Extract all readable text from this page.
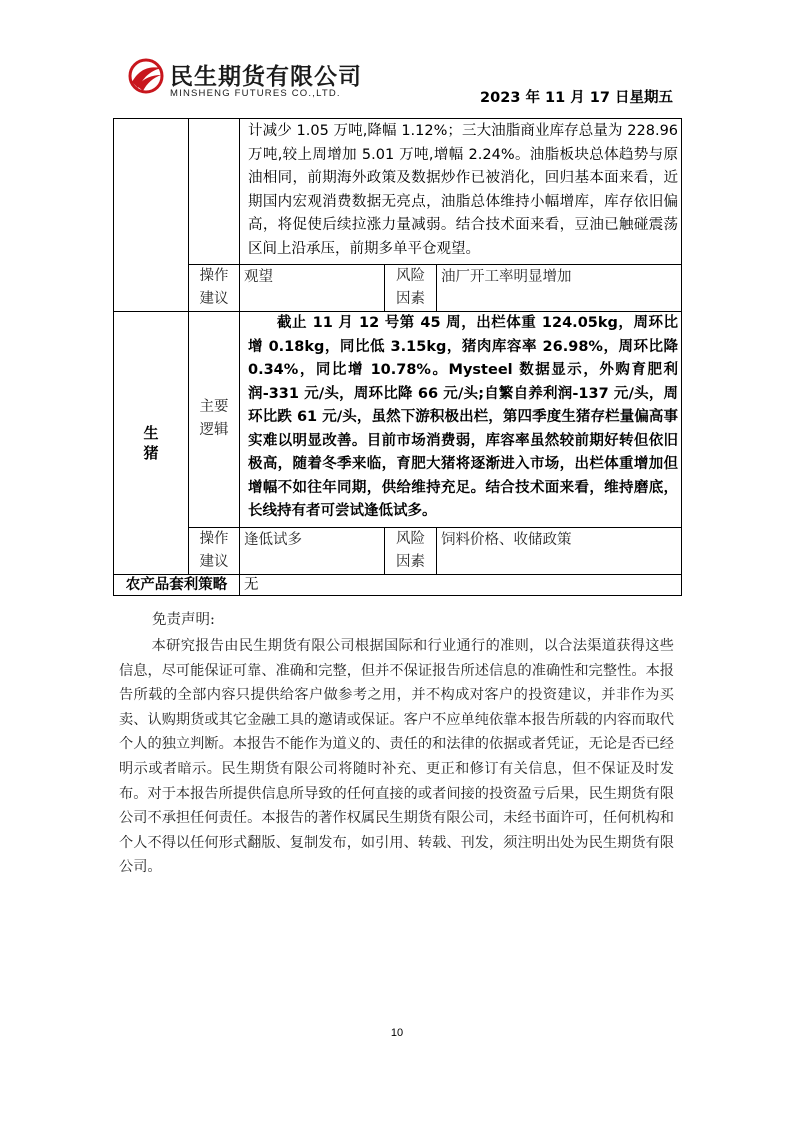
民生期货有限公司
MINSHENG FUTURES CO.,LTD.	2023 年 11 月 17 日星期五
		计减少 1.05 万吨,降幅 1.12%；三大油脂商业库存总量为 228.96 万吨,较上周增加 5.01 万吨,增幅 2.24%。油脂板块总体趋势与原油相同，前期海外政策及数据炒作已被消化，回归基本面来看，近期国内宏观消费数据无亮点，油脂总体维持小幅增库，库存依旧偏高，将促使后续拉涨力量减弱。结合技术面来看，豆油已触碰震荡区间上沿承压，前期多单平仓观望。		
	操作建议	观望	风险因素	油厂开工率明显增加
生猪	主要逻辑	截止 11 月 12 号第 45 周，出栏体重 124.05kg，周环比增 0.18kg，同比低 3.15kg，猪肉库容率 26.98%，周环比降 0.34%，同比增 10.78%。Mysteel 数据显示，外购育肥利润-331 元/头，周环比降 66 元/头;自繁自养利润-137 元/头，周环比跌 61 元/头，虽然下游积极出栏，第四季度生猪存栏量偏高事实难以明显改善。目前市场消费弱，库容率虽然较前期好转但依旧极高，随着冬季来临，育肥大猪将逐渐进入市场，出栏体重增加但增幅不如往年同期，供给维持充足。结合技术面来看，维持磨底，长线持有者可尝试逢低试多。		
	操作建议	逢低试多	风险因素	饲料价格、收储政策
农产品套利策略		无		
免责声明:

本研究报告由民生期货有限公司根据国际和行业通行的准则，以合法渠道获得这些信息，尽可能保证可靠、准确和完整，但并不保证报告所述信息的准确性和完整性。本报告所载的全部内容只提供给客户做参考之用，并不构成对客户的投资建议，并非作为买卖、认购期货或其它金融工具的邀请或保证。客户不应单纯依靠本报告所载的内容而取代个人的独立判断。本报告不能作为道义的、责任的和法律的依据或者凭证，无论是否已经明示或者暗示。民生期货有限公司将随时补充、更正和修订有关信息，但不保证及时发布。对于本报告所提供信息所导致的任何直接的或者间接的投资盈亏后果，民生期货有限公司不承担任何责任。本报告的著作权属民生期货有限公司，未经书面许可，任何机构和个人不得以任何形式翻版、复制发布，如引用、转载、刊发，须注明出处为民生期货有限公司。

10
